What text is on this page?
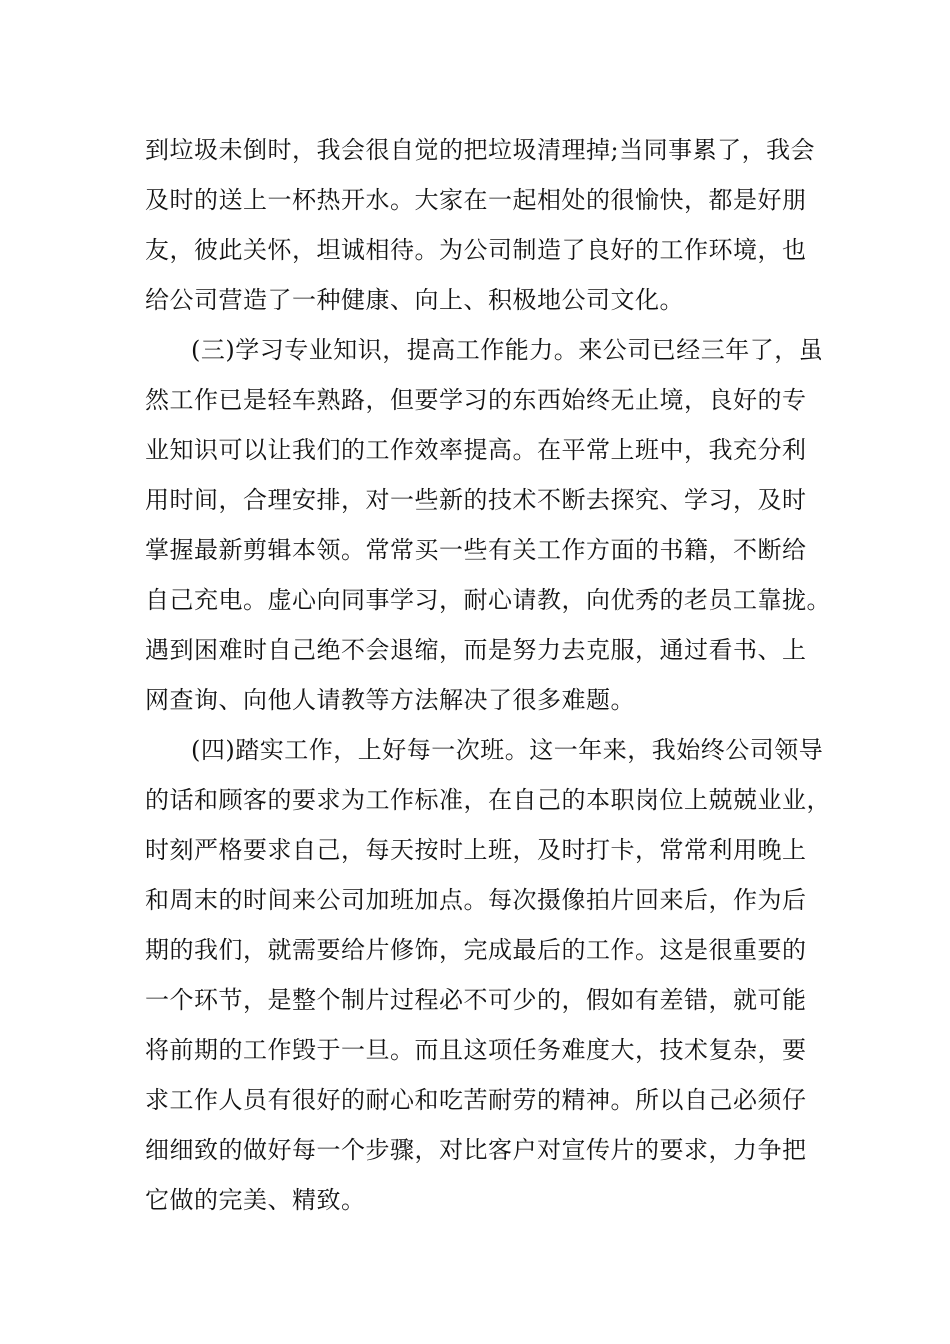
到垃圾未倒时，我会很自觉的把垃圾清理掉;当同事累了，我会
及时的送上一杯热开水。大家在一起相处的很愉快，都是好朋
友，彼此关怀，坦诚相待。为公司制造了良好的工作环境，也
给公司营造了一种健康、向上、积极地公司文化。
(三)学习专业知识，提高工作能力。来公司已经三年了，虽
然工作已是轻车熟路，但要学习的东西始终无止境，良好的专
业知识可以让我们的工作效率提高。在平常上班中，我充分利
用时间，合理安排，对一些新的技术不断去探究、学习，及时
掌握最新剪辑本领。常常买一些有关工作方面的书籍，不断给
自己充电。虚心向同事学习，耐心请教，向优秀的老员工靠拢。
遇到困难时自己绝不会退缩，而是努力去克服，通过看书、上
网查询、向他人请教等方法解决了很多难题。
(四)踏实工作，上好每一次班。这一年来，我始终公司领导
的话和顾客的要求为工作标准，在自己的本职岗位上兢兢业业，
时刻严格要求自己，每天按时上班，及时打卡，常常利用晚上
和周末的时间来公司加班加点。每次摄像拍片回来后，作为后
期的我们，就需要给片修饰，完成最后的工作。这是很重要的
一个环节，是整个制片过程必不可少的，假如有差错，就可能
将前期的工作毁于一旦。而且这项任务难度大，技术复杂，要
求工作人员有很好的耐心和吃苦耐劳的精神。所以自己必须仔
细细致的做好每一个步骤，对比客户对宣传片的要求，力争把
它做的完美、精致。
